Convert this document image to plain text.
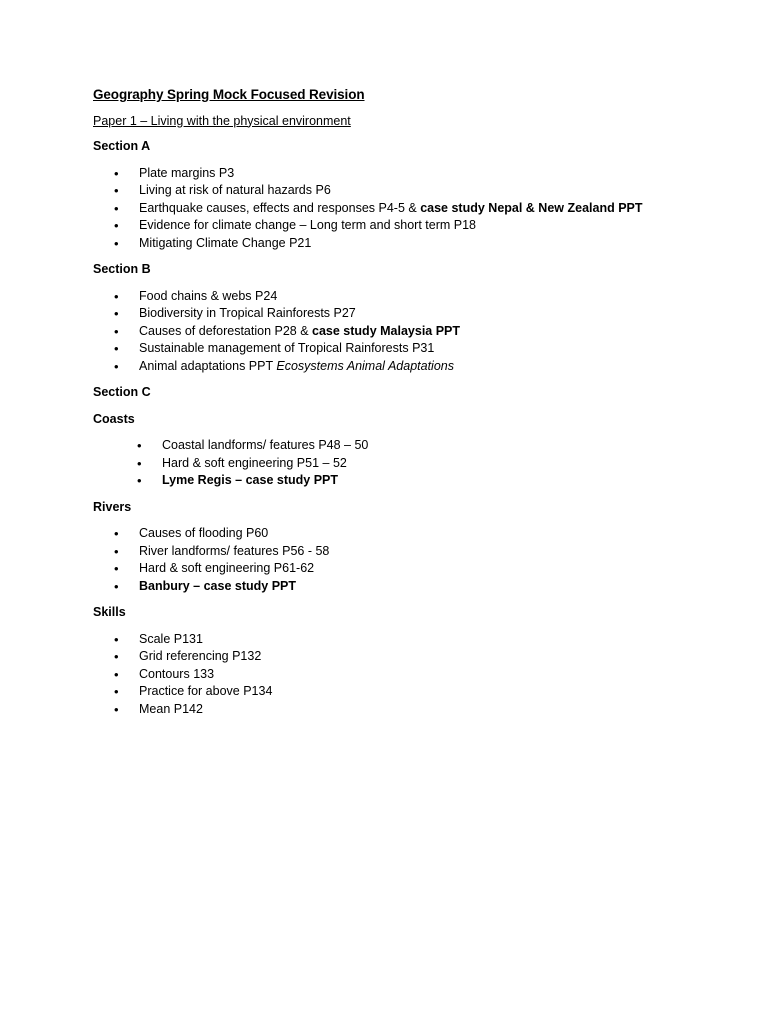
Geography Spring Mock Focused Revision
Paper 1 – Living with the physical environment
Section A
• Plate margins P3
• Living at risk of natural hazards P6
• Earthquake causes, effects and responses P4-5 & case study Nepal & New Zealand PPT
• Evidence for climate change – Long term and short term P18
• Mitigating Climate Change P21
Section B
• Food chains & webs P24
• Biodiversity in Tropical Rainforests P27
• Causes of deforestation P28 & case study Malaysia PPT
• Sustainable management of Tropical Rainforests P31
• Animal adaptations PPT Ecosystems Animal Adaptations
Section C
Coasts
• Coastal landforms/ features P48 – 50
• Hard & soft engineering P51 – 52
• Lyme Regis – case study PPT
Rivers
• Causes of flooding P60
• River landforms/ features P56 - 58
• Hard & soft engineering P61-62
• Banbury – case study PPT
Skills
• Scale P131
• Grid referencing P132
• Contours 133
• Practice for above P134
• Mean P142
